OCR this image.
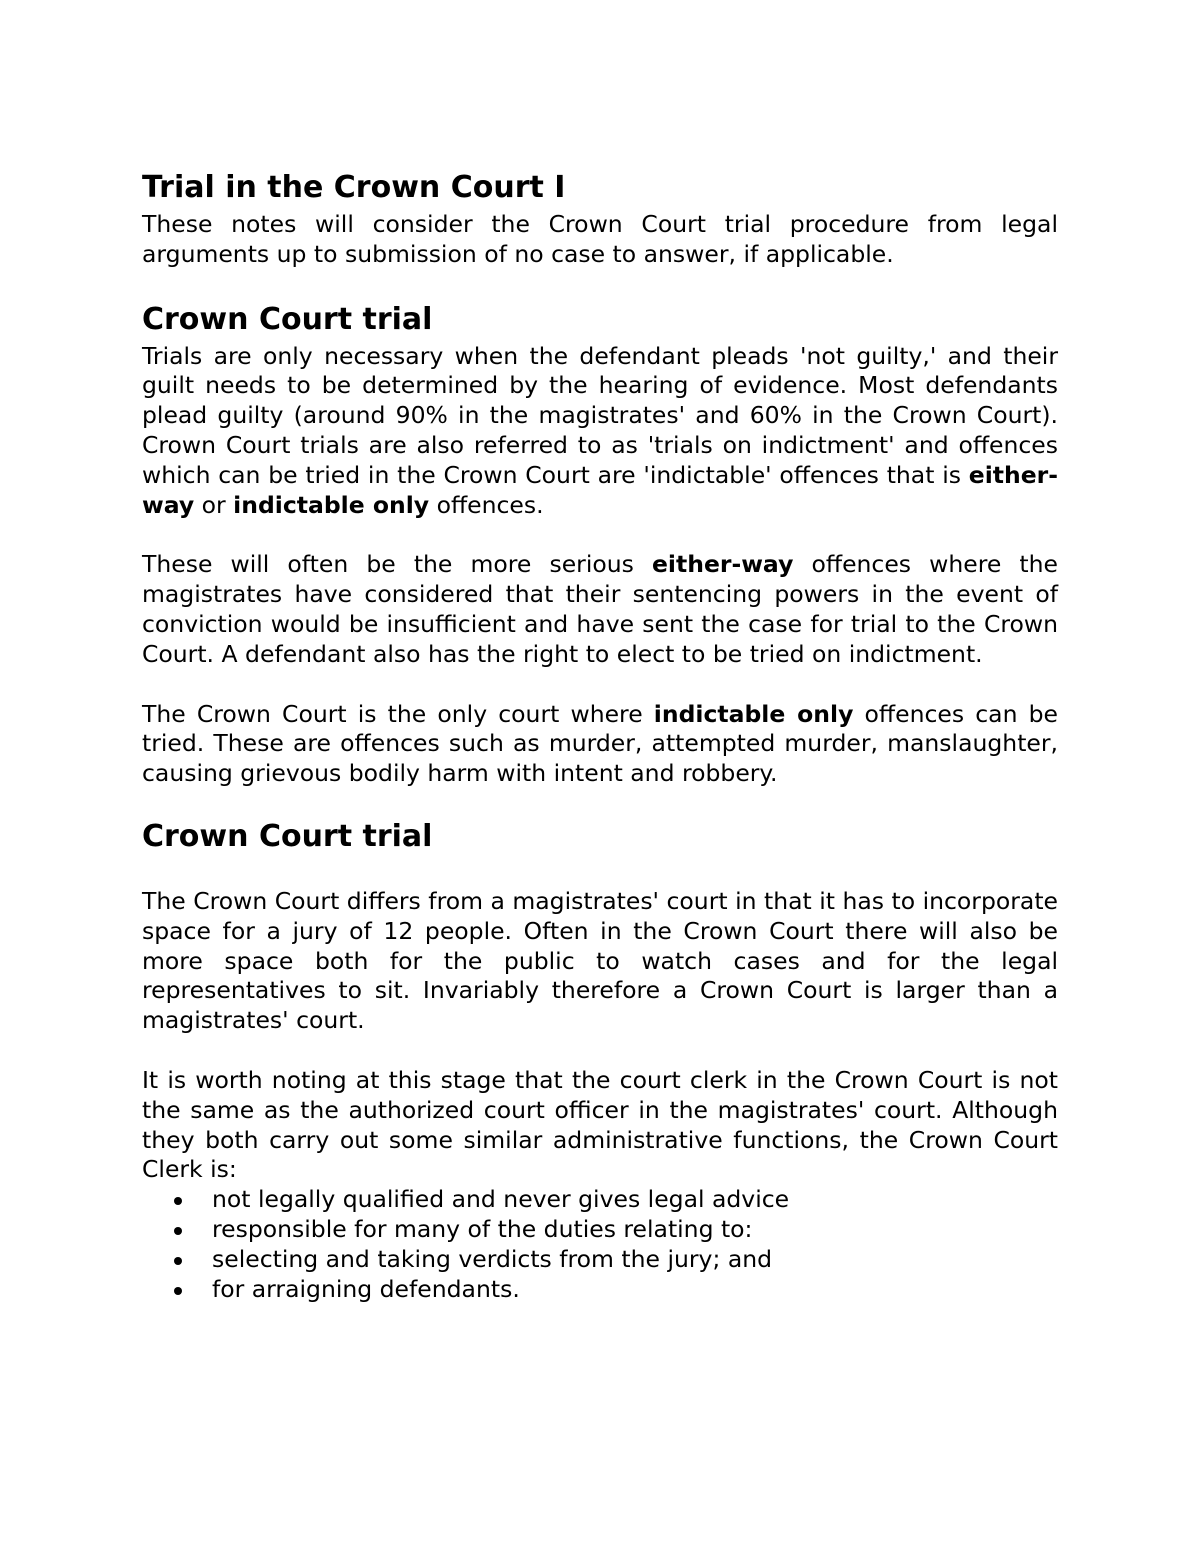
Trial in the Crown Court I

These notes will consider the Crown Court trial procedure from legal arguments up to submission of no case to answer, if applicable.

Crown Court trial

Trials are only necessary when the defendant pleads 'not guilty,' and their guilt needs to be determined by the hearing of evidence. Most defendants plead guilty (around 90% in the magistrates' and 60% in the Crown Court). Crown Court trials are also referred to as 'trials on indictment' and offences which can be tried in the Crown Court are 'indictable' offences that is either-way or indictable only offences.

These will often be the more serious either-way offences where the magistrates have considered that their sentencing powers in the event of conviction would be insufficient and have sent the case for trial to the Crown Court. A defendant also has the right to elect to be tried on indictment.

The Crown Court is the only court where indictable only offences can be tried. These are offences such as murder, attempted murder, manslaughter, causing grievous bodily harm with intent and robbery.

Crown Court trial

The Crown Court differs from a magistrates' court in that it has to incorporate space for a jury of 12 people. Often in the Crown Court there will also be more space both for the public to watch cases and for the legal representatives to sit. Invariably therefore a Crown Court is larger than a magistrates' court.

It is worth noting at this stage that the court clerk in the Crown Court is not the same as the authorized court officer in the magistrates' court. Although they both carry out some similar administrative functions, the Crown Court Clerk is:

not legally qualified and never gives legal advice
responsible for many of the duties relating to:
selecting and taking verdicts from the jury; and
for arraigning defendants.
